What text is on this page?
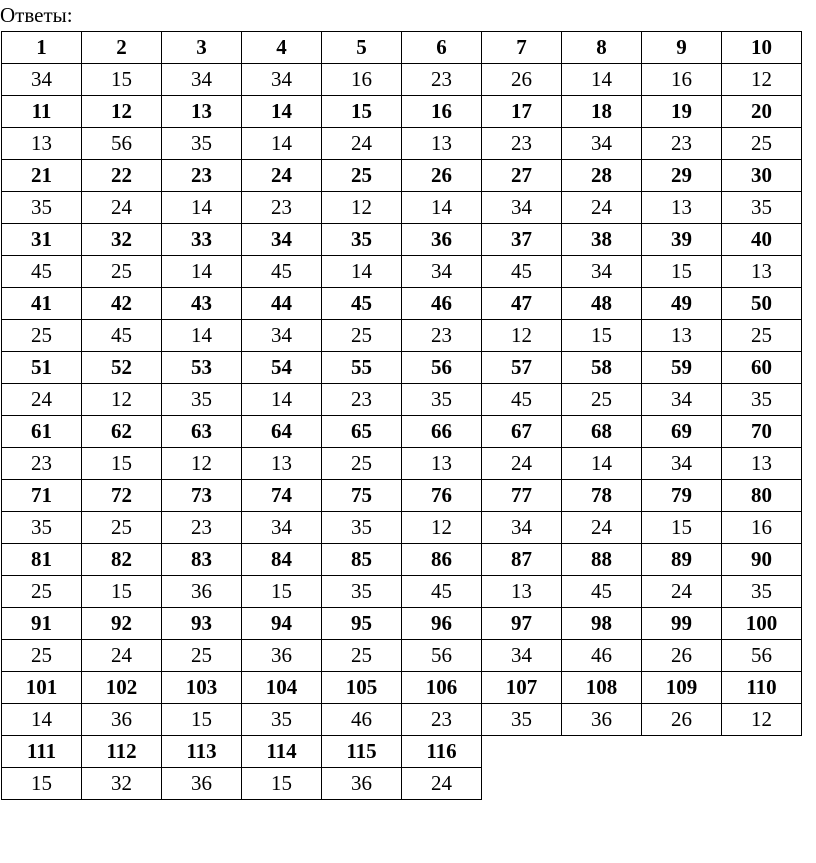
Ответы:

1	2	3	4	5	6	7	8	9	10
34	15	34	34	16	23	26	14	16	12
11	12	13	14	15	16	17	18	19	20
13	56	35	14	24	13	23	34	23	25
21	22	23	24	25	26	27	28	29	30
35	24	14	23	12	14	34	24	13	35
31	32	33	34	35	36	37	38	39	40
45	25	14	45	14	34	45	34	15	13
41	42	43	44	45	46	47	48	49	50
25	45	14	34	25	23	12	15	13	25
51	52	53	54	55	56	57	58	59	60
24	12	35	14	23	35	45	25	34	35
61	62	63	64	65	66	67	68	69	70
23	15	12	13	25	13	24	14	34	13
71	72	73	74	75	76	77	78	79	80
35	25	23	34	35	12	34	24	15	16
81	82	83	84	85	86	87	88	89	90
25	15	36	15	35	45	13	45	24	35
91	92	93	94	95	96	97	98	99	100
25	24	25	36	25	56	34	46	26	56
101	102	103	104	105	106	107	108	109	110
14	36	15	35	46	23	35	36	26	12
111	112	113	114	115	116				
15	32	36	15	36	24				
